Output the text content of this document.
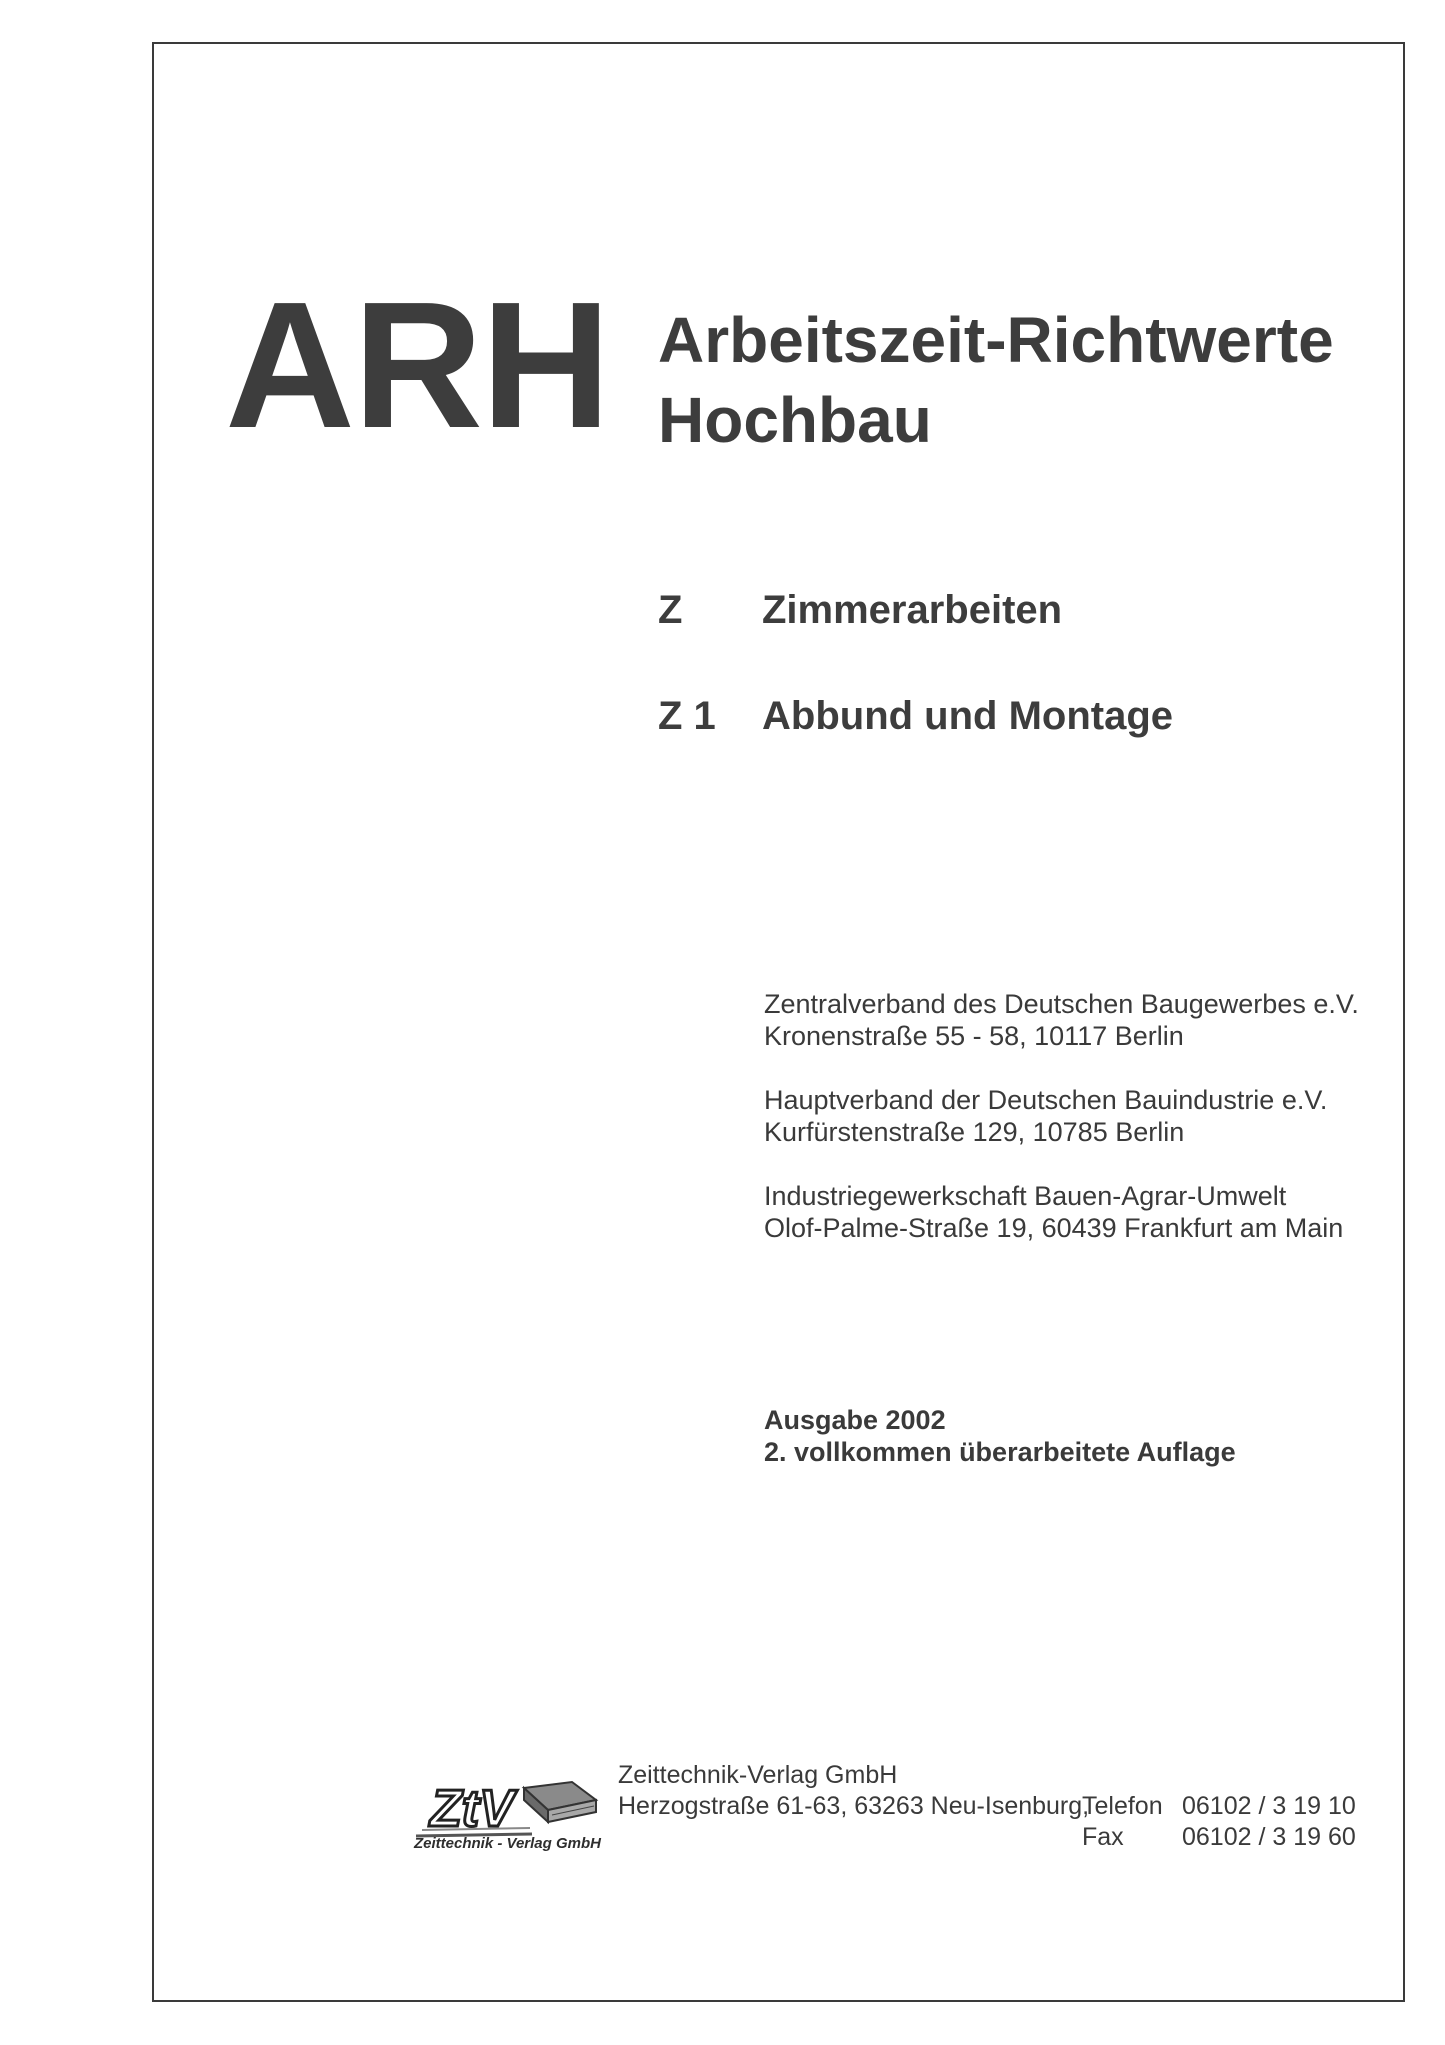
ARH Arbeitszeit-Richtwerte
Hochbau
Z Zimmerarbeiten
Z 1 Abbund und Montage
Zentralverband des Deutschen Baugewerbes e.V.
Kronenstraße 55 - 58, 10117 Berlin
Hauptverband der Deutschen Bauindustrie e.V.
Kurfürstenstraße 129, 10785 Berlin
Industriegewerkschaft Bauen-Agrar-Umwelt
Olof-Palme-Straße 19, 60439 Frankfurt am Main
Ausgabe 2002
2. vollkommen überarbeitete Auflage
ZtV
Zeittechnik - Verlag GmbH
Zeittechnik-Verlag GmbH
Herzogstraße 61-63, 63263 Neu-Isenburg,
Telefon 06102 / 3 19 10
Fax 06102 / 3 19 60
